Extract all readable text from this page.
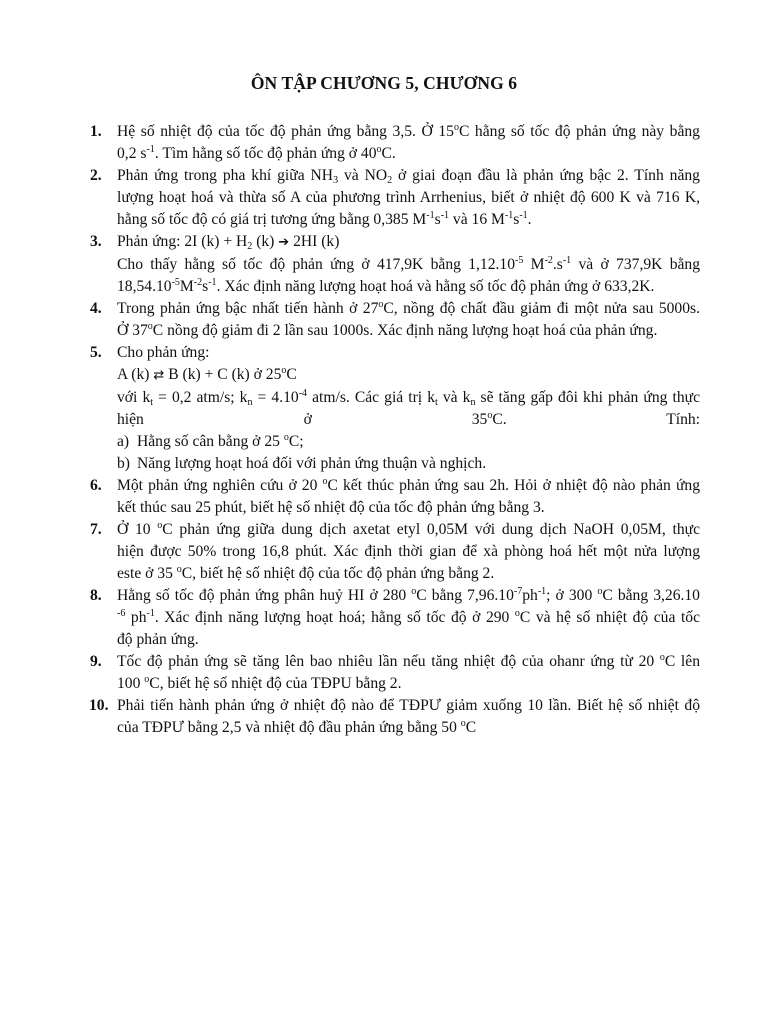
ÔN TẬP CHƯƠNG 5, CHƯƠNG 6
1. Hệ số nhiệt độ của tốc độ phản ứng bằng 3,5. Ở 15$^o$C hằng số tốc độ phản ứng này bằng
0,2 $s^{-1}$. Tìm hằng số tốc độ phản ứng ở 40$^o$C.
2. Phản ứng trong pha khí giữa $NH_3$ và $NO_2$ ở giai đoạn đầu là phản ứng bậc 2. Tính năng
lượng hoạt hoá và thừa số A của phương trình Arrhenius, biết ở nhiệt độ 600 K và 716 K,
hằng số tốc độ có giá trị tương ứng bằng 0,385 $M^{-1}s^{-1}$ và 16 $M^{-1}s^{-1}$.
3. Phản ứng: 2I $(k) + H_2$ (k) ➔ 2HI (k)
Cho thấy hằng số tốc độ phản ứng ở 417,9K bằng $1,12.10^{-5}$ $M^{-2}.s^{-1}$ và ở 737,9K bằng
$18,54.10^{-5}M^{-2}s^{-1}$. Xác định năng lượng hoạt hoá và hằng số tốc độ phản ứng ở 633,2K.
4. Trong phản ứng bậc nhất tiến hành ở 27$^o$C, nồng độ chất đầu giảm đi một nửa sau 5000s.
Ở 37$^o$C nồng độ giảm đi 2 lần sau 1000s. Xác định năng lượng hoạt hoá của phản ứng.
5. Cho phản ứng:
A (k) ⇄ B (k) + C (k) ở 25$^o$C
với $k_t = 0,2$ atm/s; $k_n = 4.10^{-4}$ atm/s. Các giá trị $k_t$ và $k_n$ sẽ tăng gấp đôi khi phản ứng thực
hiện ở 35$^o$C. Tính:
a) Hằng số cân bằng ở 25 $^o$C;
b) Năng lượng hoạt hoá đối với phản ứng thuận và nghịch.
6. Một phản ứng nghiên cứu ở 20 $^o$C kết thúc phản ứng sau 2h. Hỏi ở nhiệt độ nào phản ứng
kết thúc sau 25 phút, biết hệ số nhiệt độ của tốc độ phản ứng bằng 3.
7. Ở 10 $^o$C phản ứng giữa dung dịch axetat etyl 0,05M với dung dịch NaOH 0,05M, thực
hiện được 50% trong 16,8 phút. Xác định thời gian để xà phòng hoá hết một nửa lượng
este ở 35 $^o$C, biết hệ số nhiệt độ của tốc độ phản ứng bằng 2.
8. Hằng số tốc độ phản ứng phân huỷ HI ở 280 $^o$C bằng $7,96.10^{-7}ph^{-1}$; ở 300 $^o$C bằng 3,26.10
$^{-6}$ $ph^{-1}$. Xác định năng lượng hoạt hoá; hằng số tốc độ ở 290 $^o$C và hệ số nhiệt độ của tốc
độ phản ứng.
9. Tốc độ phản ứng sẽ tăng lên bao nhiêu lần nếu tăng nhiệt độ của ohanr ứng từ 20 $^o$C lên
100 $^o$C, biết hệ số nhiệt độ của TĐPU bằng 2.
10. Phải tiến hành phản ứng ở nhiệt độ nào để TĐPƯ giảm xuống 10 lần. Biết hệ số nhiệt độ
của TĐPƯ bằng 2,5 và nhiệt độ đầu phản ứng bằng 50 $^o$C
